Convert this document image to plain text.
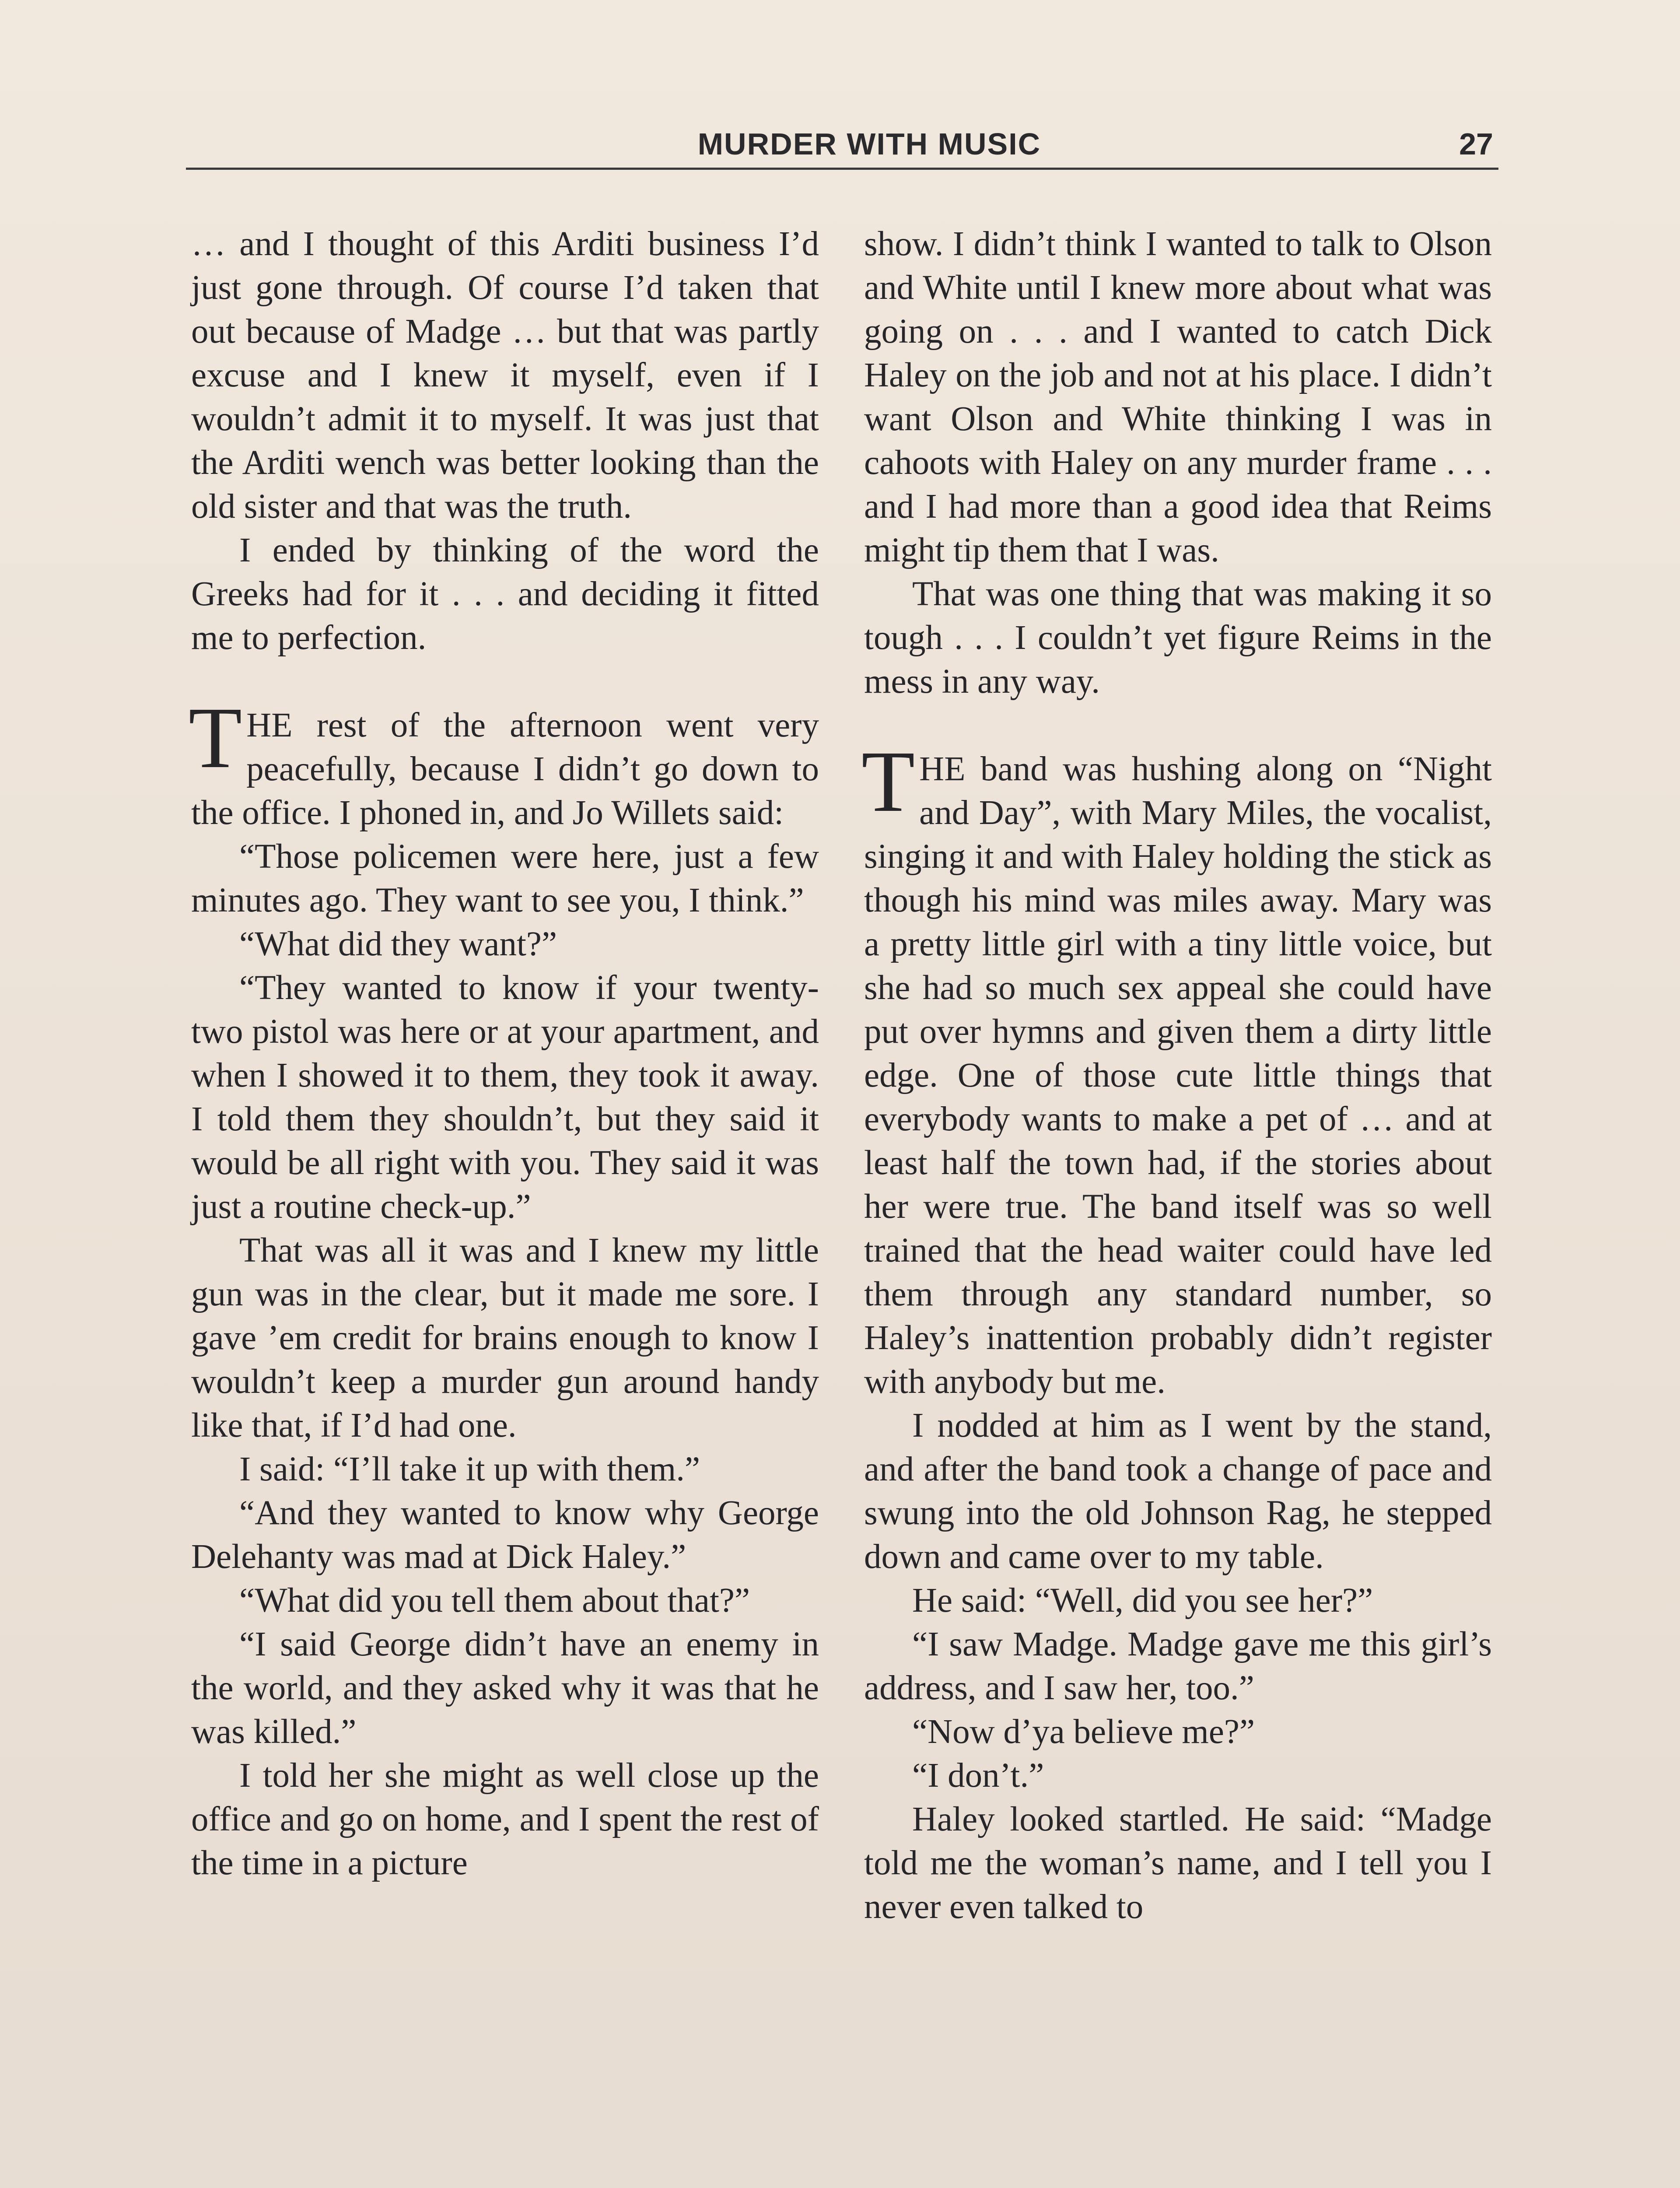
MURDER WITH MUSIC	27

… and I thought of this Arditi business I’d just gone through. Of course I’d taken that out because of Madge … but that was partly excuse and I knew it myself, even if I wouldn’t admit it to myself. It was just that the Arditi wench was better looking than the old sister and that was the truth.

I ended by thinking of the word the Greeks had for it . . . and deciding it fitted me to perfection.

THE rest of the afternoon went very peacefully, because I didn’t go down to the office. I phoned in, and Jo Willets said:

“Those policemen were here, just a few minutes ago. They want to see you, I think.”

“What did they want?”

“They wanted to know if your twenty-two pistol was here or at your apartment, and when I showed it to them, they took it away. I told them they shouldn’t, but they said it would be all right with you. They said it was just a routine check-up.”

That was all it was and I knew my little gun was in the clear, but it made me sore. I gave ’em credit for brains enough to know I wouldn’t keep a murder gun around handy like that, if I’d had one.

I said: “I’ll take it up with them.”

“And they wanted to know why George Delehanty was mad at Dick Haley.”

“What did you tell them about that?”

“I said George didn’t have an enemy in the world, and they asked why it was that he was killed.”

I told her she might as well close up the office and go on home, and I spent the rest of the time in a picture

show. I didn’t think I wanted to talk to Olson and White until I knew more about what was going on . . . and I wanted to catch Dick Haley on the job and not at his place. I didn’t want Olson and White thinking I was in cahoots with Haley on any murder frame . . . and I had more than a good idea that Reims might tip them that I was.

That was one thing that was making it so tough . . . I couldn’t yet figure Reims in the mess in any way.

THE band was hushing along on “Night and Day”, with Mary Miles, the vocalist, singing it and with Haley holding the stick as though his mind was miles away. Mary was a pretty little girl with a tiny little voice, but she had so much sex appeal she could have put over hymns and given them a dirty little edge. One of those cute little things that everybody wants to make a pet of … and at least half the town had, if the stories about her were true. The band itself was so well trained that the head waiter could have led them through any standard number, so Haley’s inattention probably didn’t register with anybody but me.

I nodded at him as I went by the stand, and after the band took a change of pace and swung into the old Johnson Rag, he stepped down and came over to my table.

He said: “Well, did you see her?”

“I saw Madge. Madge gave me this girl’s address, and I saw her, too.”

“Now d’ya believe me?”

“I don’t.”

Haley looked startled. He said: “Madge told me the woman’s name, and I tell you I never even talked to
